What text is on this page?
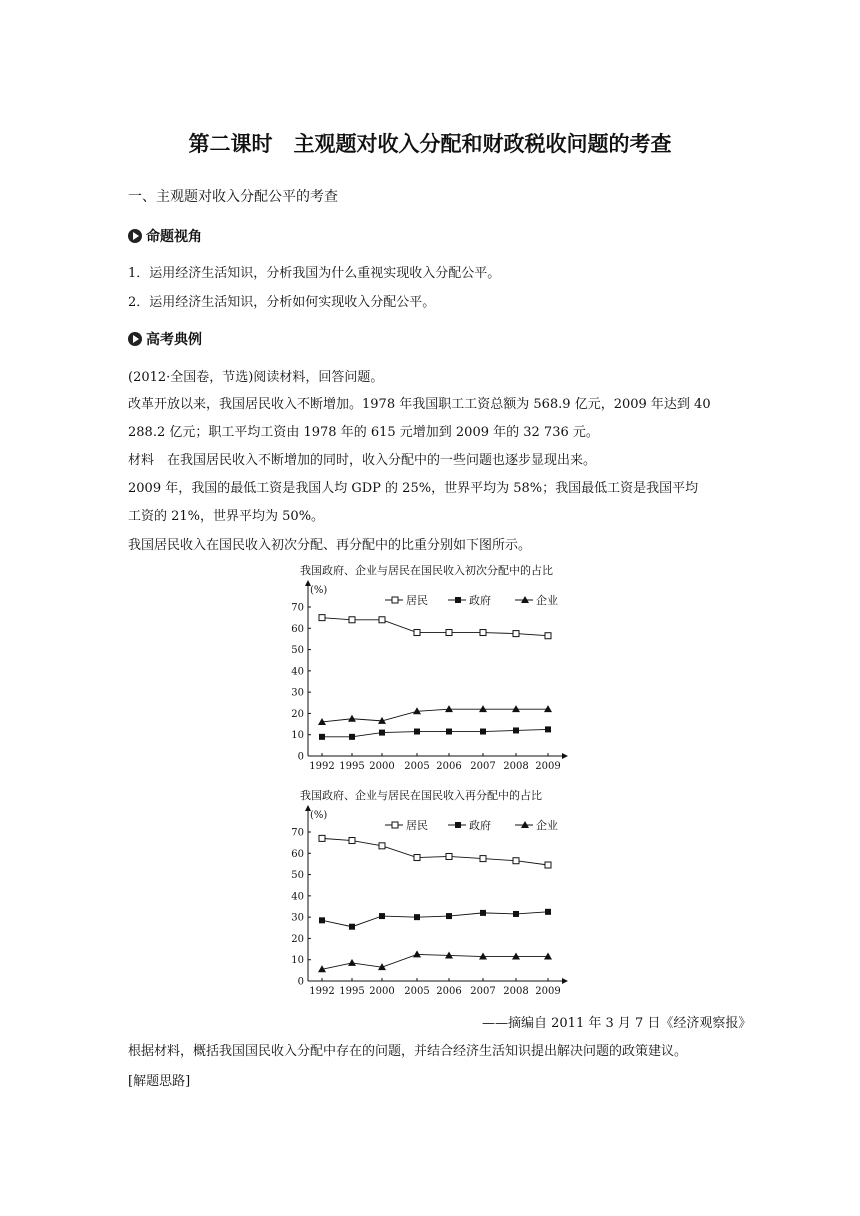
第二课时　主观题对收入分配和财政税收问题的考查
一、主观题对收入分配公平的考查
命题视角
1．运用经济生活知识，分析我国为什么重视实现收入分配公平。
2．运用经济生活知识，分析如何实现收入分配公平。
高考典例
(2012·全国卷，节选)阅读材料，回答问题。
改革开放以来，我国居民收入不断增加。1978 年我国职工工资总额为 568.9 亿元，2009 年达到 40
288.2 亿元；职工平均工资由 1978 年的 615 元增加到 2009 年的 32 736 元。
材料　在我国居民收入不断增加的同时，收入分配中的一些问题也逐步显现出来。
2009 年，我国的最低工资是我国人均 GDP 的 25%，世界平均为 58%；我国最低工资是我国平均
工资的 21%，世界平均为 50%。
我国居民收入在国民收入初次分配、再分配中的比重分别如下图所示。
我国政府、企业与居民在国民收入初次分配中的占比
(%)
0
10
20
30
40
50
60
70
1992 1995 2000 2005 2006 2007 2008 2009
居民	政府	企业
我国政府、企业与居民在国民收入再分配中的占比
(%)
0
10
20
30
40
50
60
70
1992 1995 2000 2005 2006 2007 2008 2009
居民	政府	企业
——摘编自 2011 年 3 月 7 日《经济观察报》
根据材料，概括我国国民收入分配中存在的问题，并结合经济生活知识提出解决问题的政策建议。
[解题思路]
